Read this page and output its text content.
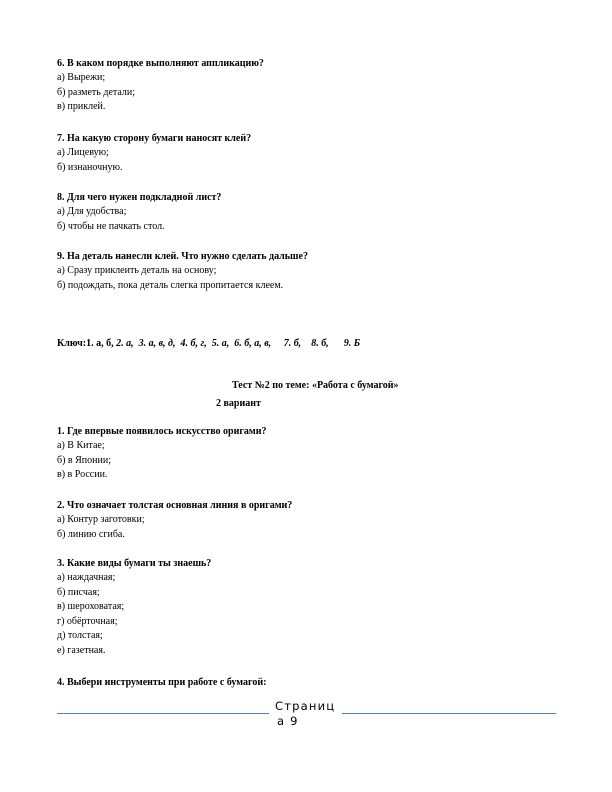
6. В каком порядке выполняют аппликацию?
а) Вырежи;
б) разметь детали;
в) приклей.
7. На какую сторону бумаги наносят клей?
а) Лицевую;
б) изнаночную.
8. Для чего нужен подкладной лист?
а) Для удобства;
б) чтобы не пачкать стол.
9. На деталь нанесли клей. Что нужно сделать дальше?
а) Сразу приклеить деталь на основу;
б) подождать, пока деталь слегка пропитается клеем.
Ключ:1. а, б, 2. а, 3. а, в, д, 4. б, г, 5. а, 6. б, а, в, 7. б, 8. б, 9. Б
Тест №2 по теме: «Работа с бумагой»
2 вариант
1. Где впервые появилось искусство оригами?
а) В Китае;
б) в Японии;
в) в России.
2. Что означает толстая основная линия в оригами?
а) Контур заготовки;
б) линию сгиба.
3. Какие виды бумаги ты знаешь?
а) наждачная;
б) писчая;
в) шероховатая;
г) обёрточная;
д) толстая;
е) газетная.
4. Выбери инструменты при работе с бумагой:
Страниц
а 9
